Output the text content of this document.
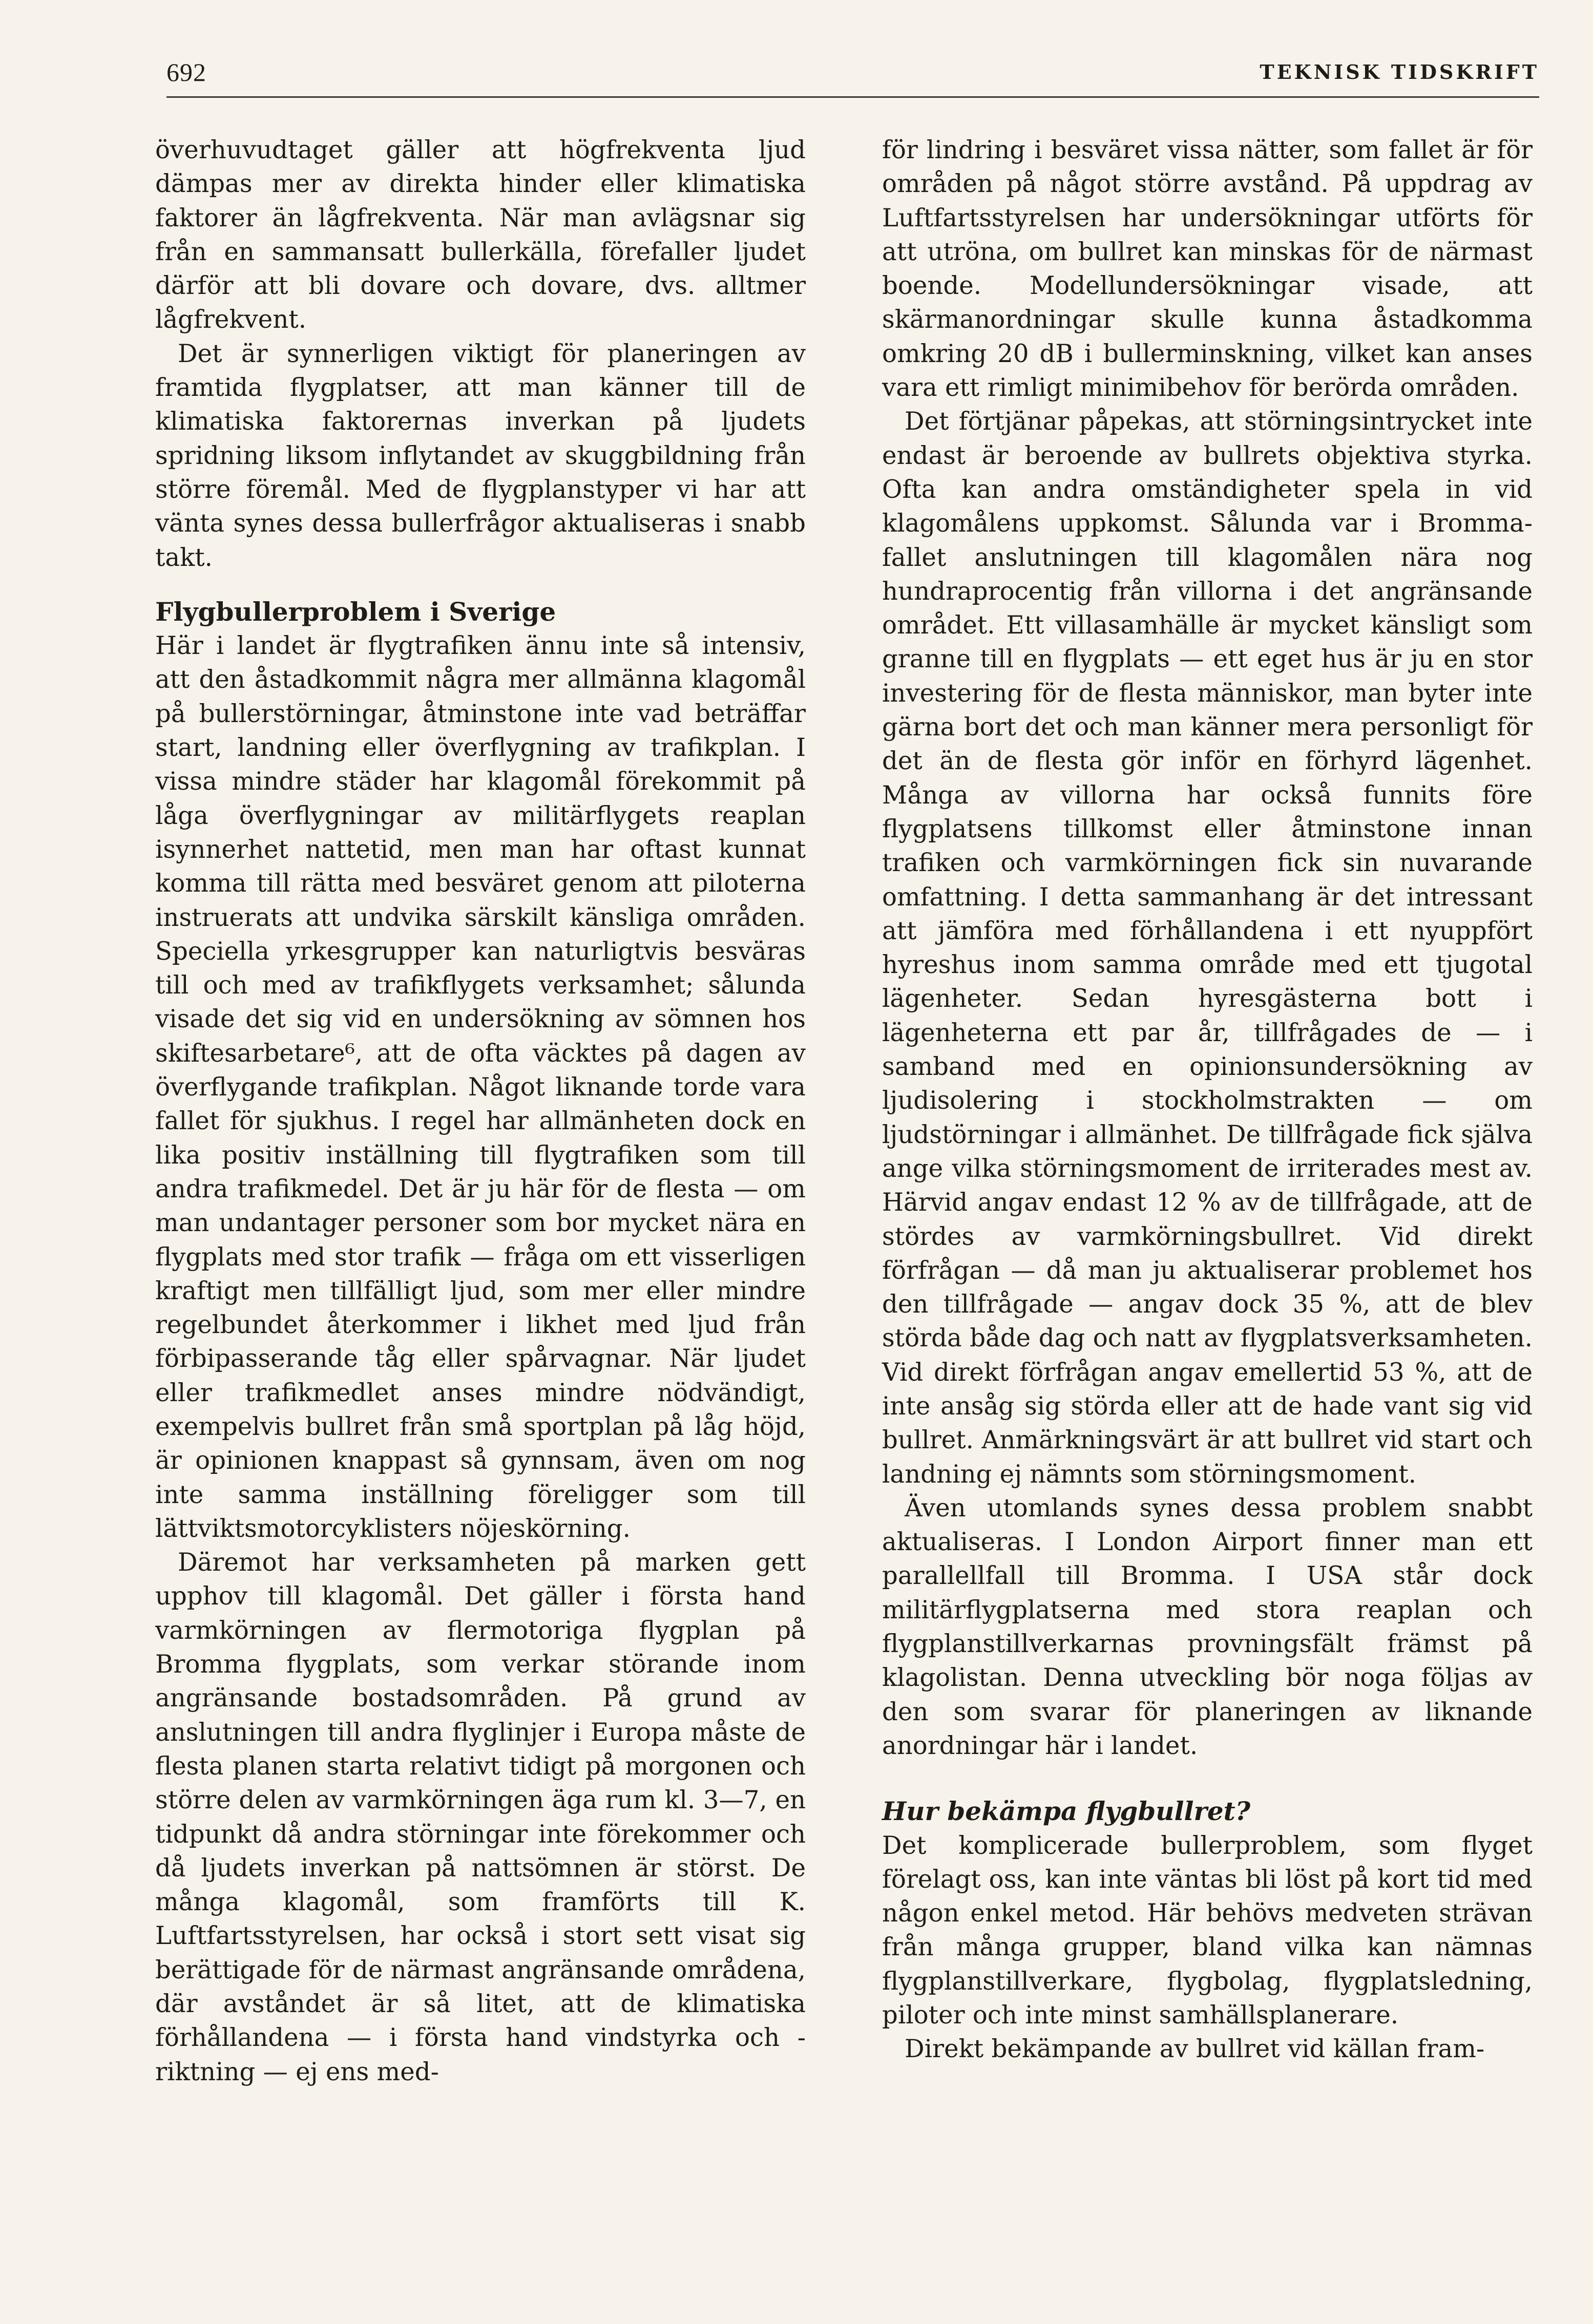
692	TEKNISK TIDSKRIFT

överhuvudtaget gäller att högfrekventa ljud dämpas mer av direkta hinder eller klimatiska faktorer än lågfrekventa. När man avlägsnar sig från en sammansatt bullerkälla, förefaller ljudet därför att bli dovare och dovare, dvs. alltmer lågfrekvent.

Det är synnerligen viktigt för planeringen av framtida flygplatser, att man känner till de klimatiska faktorernas inverkan på ljudets spridning liksom inflytandet av skuggbildning från större föremål. Med de flygplanstyper vi har att vänta synes dessa bullerfrågor aktualiseras i snabb takt.

Flygbullerproblem i Sverige

Här i landet är flygtrafiken ännu inte så intensiv, att den åstadkommit några mer allmänna klagomål på bullerstörningar, åtminstone inte vad beträffar start, landning eller överflygning av trafikplan. I vissa mindre städer har klagomål förekommit på låga överflygningar av militärflygets reaplan isynnerhet nattetid, men man har oftast kunnat komma till rätta med besväret genom att piloterna instruerats att undvika särskilt känsliga områden. Speciella yrkesgrupper kan naturligtvis besväras till och med av trafikflygets verksamhet; sålunda visade det sig vid en undersökning av sömnen hos skiftesarbetare⁶, att de ofta väcktes på dagen av överflygande trafikplan. Något liknande torde vara fallet för sjukhus. I regel har allmänheten dock en lika positiv inställning till flygtrafiken som till andra trafikmedel. Det är ju här för de flesta — om man undantager personer som bor mycket nära en flygplats med stor trafik — fråga om ett visserligen kraftigt men tillfälligt ljud, som mer eller mindre regelbundet återkommer i likhet med ljud från förbipasserande tåg eller spårvagnar. När ljudet eller trafikmedlet anses mindre nödvändigt, exempelvis bullret från små sportplan på låg höjd, är opinionen knappast så gynnsam, även om nog inte samma inställning föreligger som till lättviktsmotorcyklisters nöjeskörning.

Däremot har verksamheten på marken gett upphov till klagomål. Det gäller i första hand varmkörningen av flermotoriga flygplan på Bromma flygplats, som verkar störande inom angränsande bostadsområden. På grund av anslutningen till andra flyglinjer i Europa måste de flesta planen starta relativt tidigt på morgonen och större delen av varmkörningen äga rum kl. 3—7, en tidpunkt då andra störningar inte förekommer och då ljudets inverkan på nattsömnen är störst. De många klagomål, som framförts till K. Luftfartsstyrelsen, har också i stort sett visat sig berättigade för de närmast angränsande områdena, där avståndet är så litet, att de klimatiska förhållandena — i första hand vindstyrka och -riktning — ej ens med-

för lindring i besväret vissa nätter, som fallet är för områden på något större avstånd. På uppdrag av Luftfartsstyrelsen har undersökningar utförts för att utröna, om bullret kan minskas för de närmast boende. Modellundersökningar visade, att skärmanordningar skulle kunna åstadkomma omkring 20 dB i bullerminskning, vilket kan anses vara ett rimligt minimibehov för berörda områden.

Det förtjänar påpekas, att störningsintrycket inte endast är beroende av bullrets objektiva styrka. Ofta kan andra omständigheter spela in vid klagomålens uppkomst. Sålunda var i Bromma-fallet anslutningen till klagomålen nära nog hundraprocentig från villorna i det angränsande området. Ett villasamhälle är mycket känsligt som granne till en flygplats — ett eget hus är ju en stor investering för de flesta människor, man byter inte gärna bort det och man känner mera personligt för det än de flesta gör inför en förhyrd lägenhet. Många av villorna har också funnits före flygplatsens tillkomst eller åtminstone innan trafiken och varmkörningen fick sin nuvarande omfattning. I detta sammanhang är det intressant att jämföra med förhållandena i ett nyuppfört hyreshus inom samma område med ett tjugotal lägenheter. Sedan hyresgästerna bott i lägenheterna ett par år, tillfrågades de — i samband med en opinionsundersökning av ljudisolering i stockholmstrakten — om ljudstörningar i allmänhet. De tillfrågade fick själva ange vilka störningsmoment de irriterades mest av. Härvid angav endast 12 % av de tillfrågade, att de stördes av varmkörningsbullret. Vid direkt förfrågan — då man ju aktualiserar problemet hos den tillfrågade — angav dock 35 %, att de blev störda både dag och natt av flygplatsverksamheten. Vid direkt förfrågan angav emellertid 53 %, att de inte ansåg sig störda eller att de hade vant sig vid bullret. Anmärkningsvärt är att bullret vid start och landning ej nämnts som störningsmoment.

Även utomlands synes dessa problem snabbt aktualiseras. I London Airport finner man ett parallellfall till Bromma. I USA står dock militärflygplatserna med stora reaplan och flygplanstillverkarnas provningsfält främst på klagolistan. Denna utveckling bör noga följas av den som svarar för planeringen av liknande anordningar här i landet.

Hur bekämpa flygbullret?

Det komplicerade bullerproblem, som flyget förelagt oss, kan inte väntas bli löst på kort tid med någon enkel metod. Här behövs medveten strävan från många grupper, bland vilka kan nämnas flygplanstillverkare, flygbolag, flygplatsledning, piloter och inte minst samhällsplanerare.

Direkt bekämpande av bullret vid källan fram-
